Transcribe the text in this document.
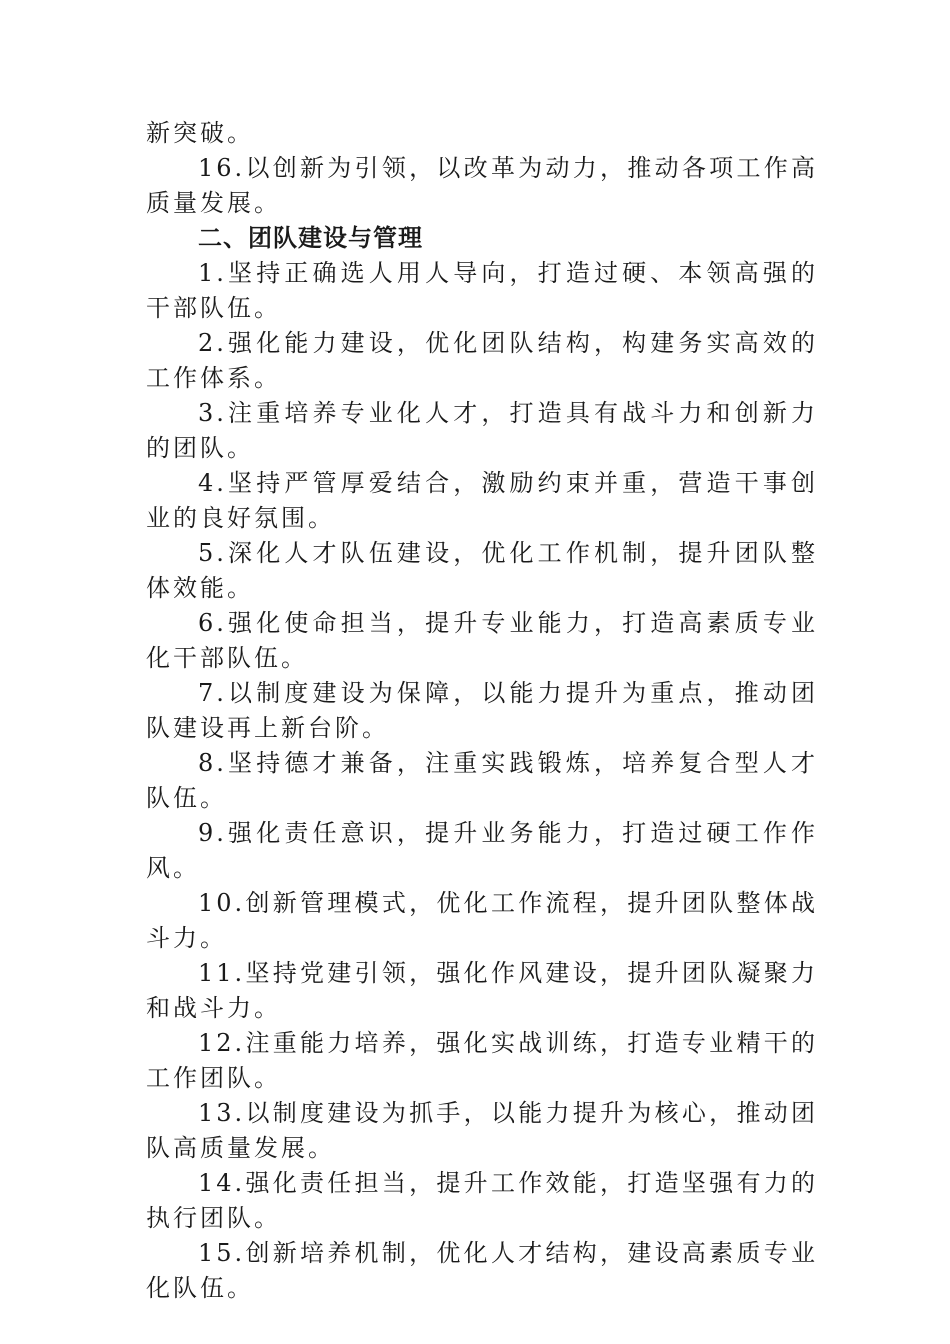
新突破。

16.以创新为引领，以改革为动力，推动各项工作高质量发展。

二、团队建设与管理

1.坚持正确选人用人导向，打造过硬、本领高强的干部队伍。

2.强化能力建设，优化团队结构，构建务实高效的工作体系。

3.注重培养专业化人才，打造具有战斗力和创新力的团队。

4.坚持严管厚爱结合，激励约束并重，营造干事创业的良好氛围。

5.深化人才队伍建设，优化工作机制，提升团队整体效能。

6.强化使命担当，提升专业能力，打造高素质专业化干部队伍。

7.以制度建设为保障，以能力提升为重点，推动团队建设再上新台阶。

8.坚持德才兼备，注重实践锻炼，培养复合型人才队伍。

9.强化责任意识，提升业务能力，打造过硬工作作风。

10.创新管理模式，优化工作流程，提升团队整体战斗力。

11.坚持党建引领，强化作风建设，提升团队凝聚力和战斗力。

12.注重能力培养，强化实战训练，打造专业精干的工作团队。

13.以制度建设为抓手，以能力提升为核心，推动团队高质量发展。

14.强化责任担当，提升工作效能，打造坚强有力的执行团队。

15.创新培养机制，优化人才结构，建设高素质专业化队伍。
